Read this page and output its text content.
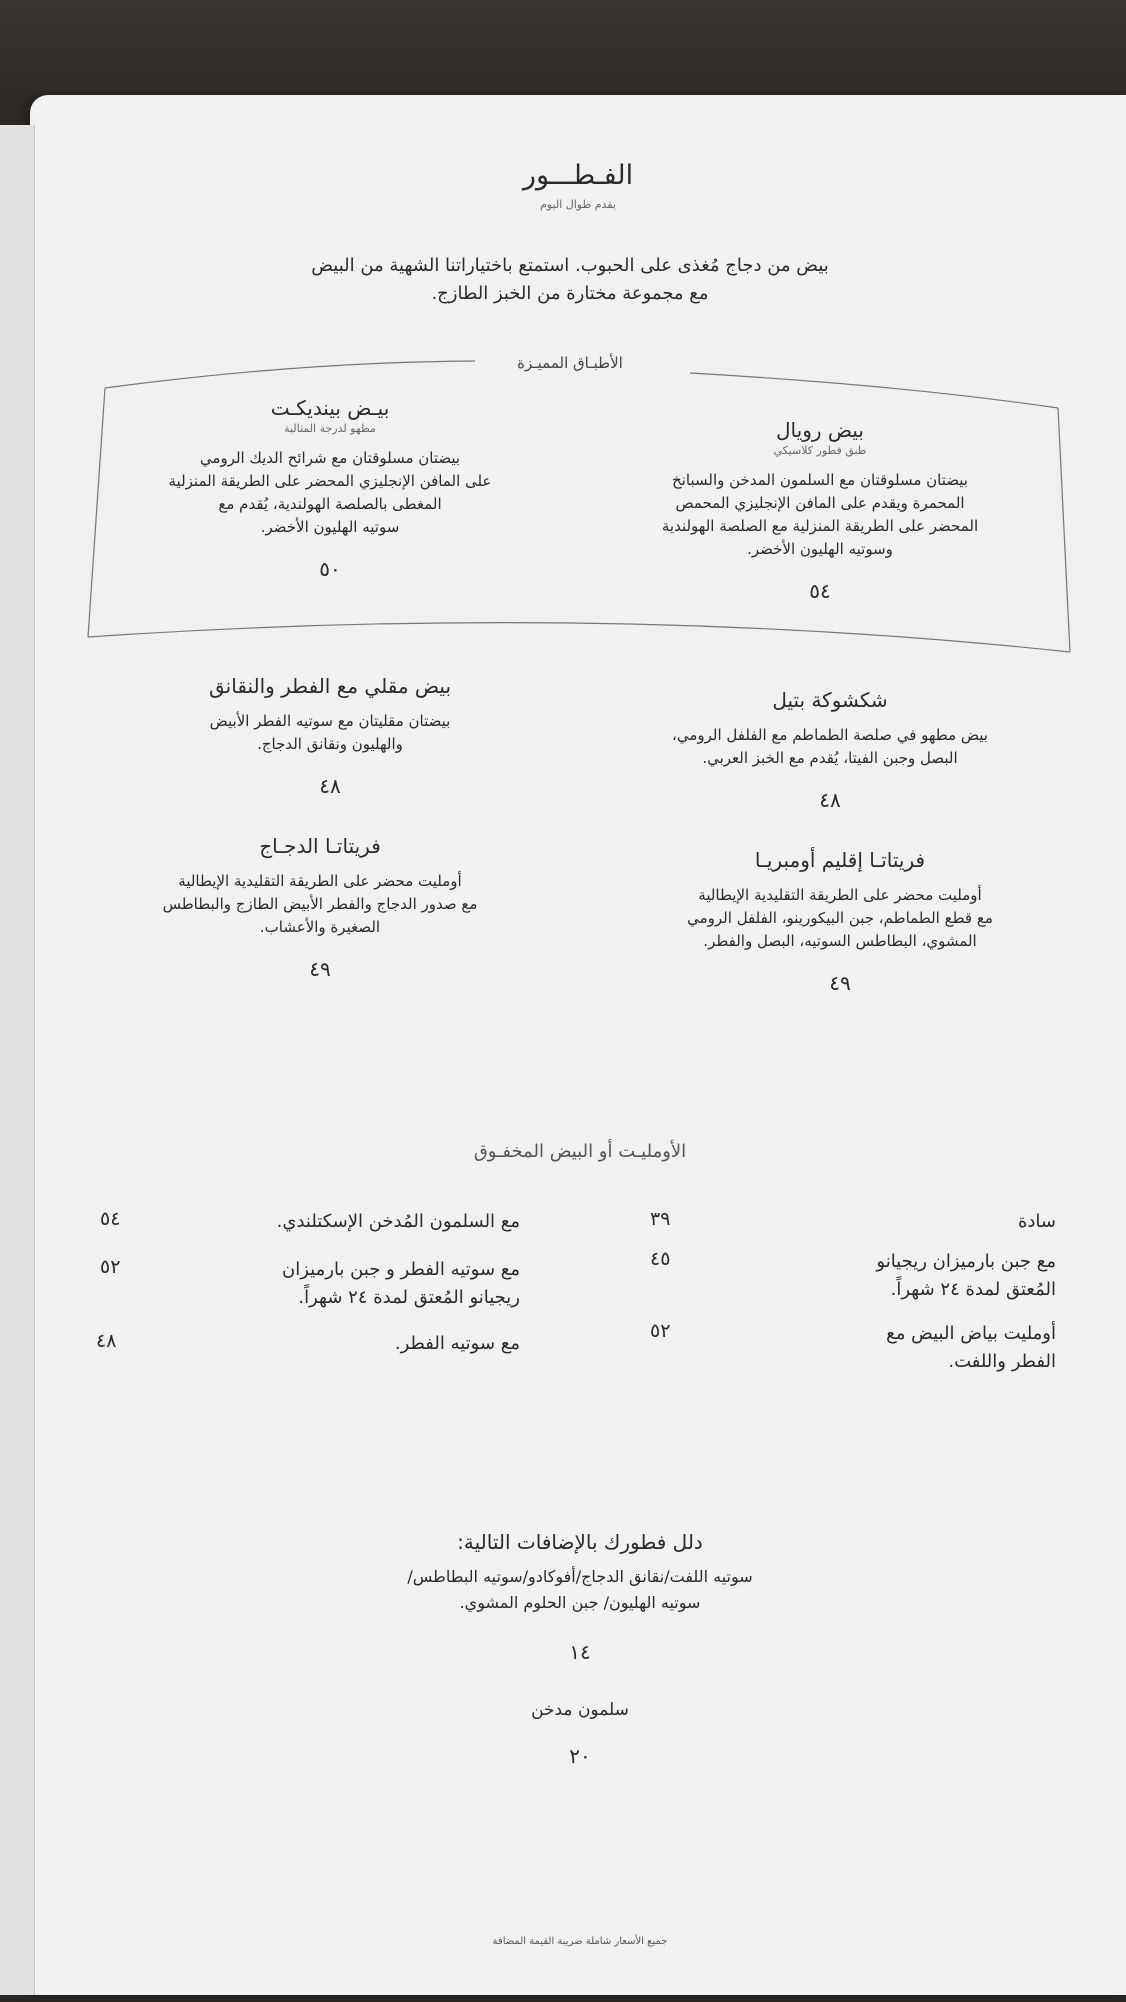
الفـطـــور
يقدم طوال اليوم
بيض من دجاج مُغذى على الحبوب. استمتع باختياراتنا الشهية من البيض
مع مجموعة مختارة من الخبز الطازج.
الأطبـاق المميـزة
بيض رويال
طبق فطور كلاسيكي
بيضتان مسلوقتان مع السلمون المدخن والسبانخ
المحمرة ويقدم على المافن الإنجليزي المحمص
المحضر على الطريقة المنزلية مع الصلصة الهولندية
وسوتيه الهليون الأخضر.
٥٤
بيـض بينديكـت
مطهو لدرجة المثالية
بيضتان مسلوقتان مع شرائح الديك الرومي
على المافن الإنجليزي المحضر على الطريقة المنزلية
المغطى بالصلصة الهولندية، يُقدم مع
سوتيه الهليون الأخضر.
٥٠
شكشوكة بتيل
بيض مطهو في صلصة الطماطم مع الفلفل الرومي،
البصل وجبن الفيتا، يُقدم مع الخبز العربي.
٤٨
بيض مقلي مع الفطر والنقانق
بيضتان مقليتان مع سوتيه الفطر الأبيض
والهليون ونقانق الدجاج.
٤٨
فريتاتـا إقليم أومبريـا
أومليت محضر على الطريقة التقليدية الإيطالية
مع قطع الطماطم، جبن البيكورينو، الفلفل الرومي
المشوي، البطاطس السوتيه، البصل والفطر.
٤٩
فريتاتـا الدجـاج
أومليت محضر على الطريقة التقليدية الإيطالية
مع صدور الدجاج والفطر الأبيض الطازج والبطاطس
الصغيرة والأعشاب.
٤٩
الأومليـت أو البيض المخفـوق
سادة
٣٩
مع جبن بارميزان ريجيانو
المُعتق لمدة ٢٤ شهراً.
٤٥
أومليت بياض البيض مع
الفطر واللفت.
٥٢
مع السلمون المُدخن الإسكتلندي.
٥٤
مع سوتيه الفطر و جبن بارميزان
ريجيانو المُعتق لمدة ٢٤ شهراً.
٥٢
مع سوتيه الفطر.
٤٨
دلل فطورك بالإضافات التالية:
سوتيه اللفت/نقانق الدجاج/أفوكادو/سوتيه البطاطس/
سوتيه الهليون/ جبن الحلوم المشوي.
١٤
سلمون مدخن
٢٠
جميع الأسعار شاملة ضريبة القيمة المضافة
